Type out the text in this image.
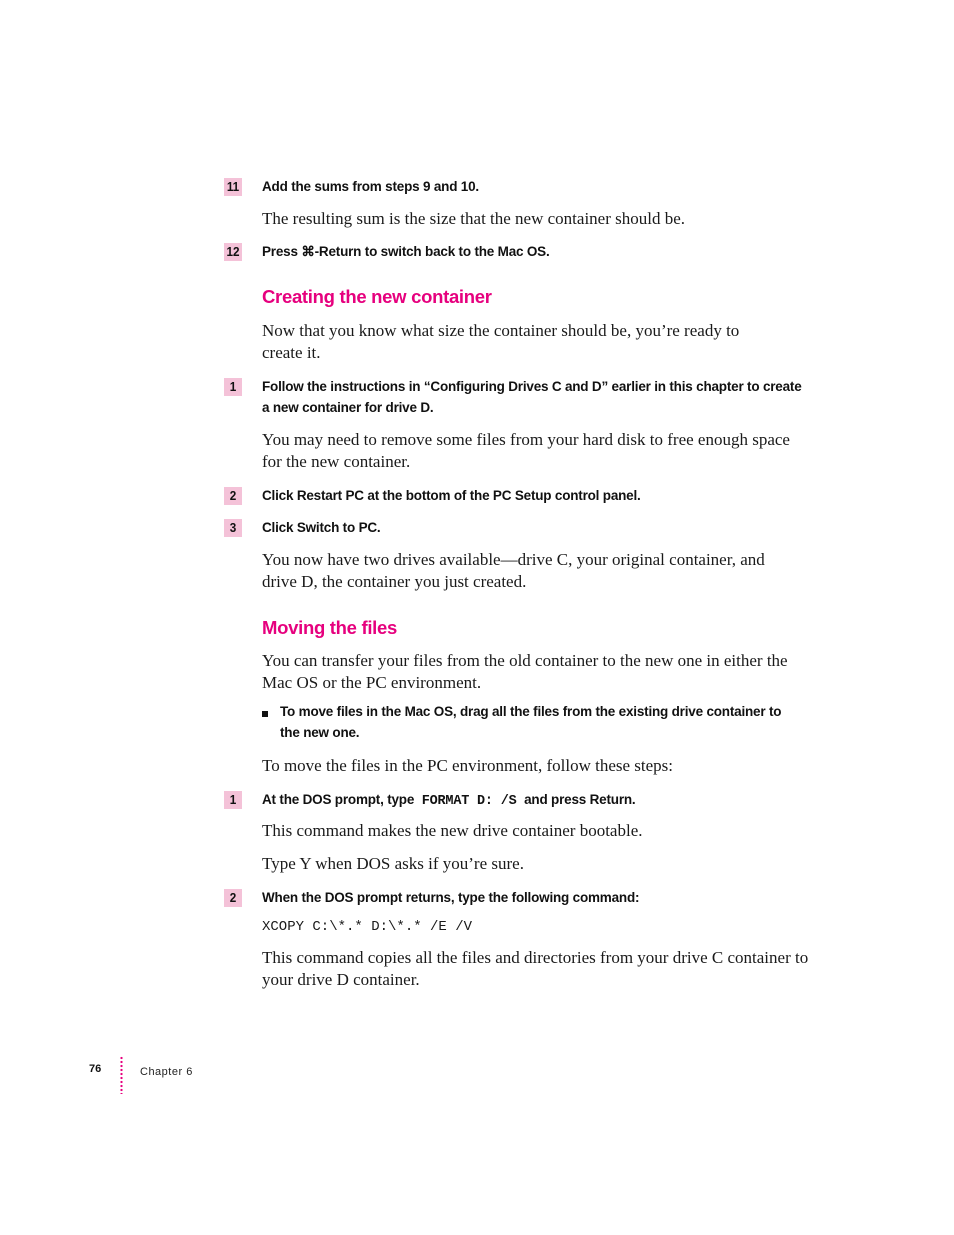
11 Add the sums from steps 9 and 10.
The resulting sum is the size that the new container should be.
12 Press ⌘-Return to switch back to the Mac OS.
Creating the new container
Now that you know what size the container should be, you’re ready to create it.
1	Follow the instructions in “Configuring Drives C and D” earlier in this chapter to create a new container for drive D.
You may need to remove some files from your hard disk to free enough space for the new container.
2	Click Restart PC at the bottom of the PC Setup control panel.
3	Click Switch to PC.
You now have two drives available—drive C, your original container, and drive D, the container you just created.
Moving the files
You can transfer your files from the old container to the new one in either the Mac OS or the PC environment.
To move files in the Mac OS, drag all the files from the existing drive container to the new one.
To move the files in the PC environment, follow these steps:
1	At the DOS prompt, type FORMAT D: /S and press Return.
This command makes the new drive container bootable.
Type Y when DOS asks if you’re sure.
2	When the DOS prompt returns, type the following command:
XCOPY C:\*.* D:\*.* /E /V
This command copies all the files and directories from your drive C container to your drive D container.
76	Chapter 6
